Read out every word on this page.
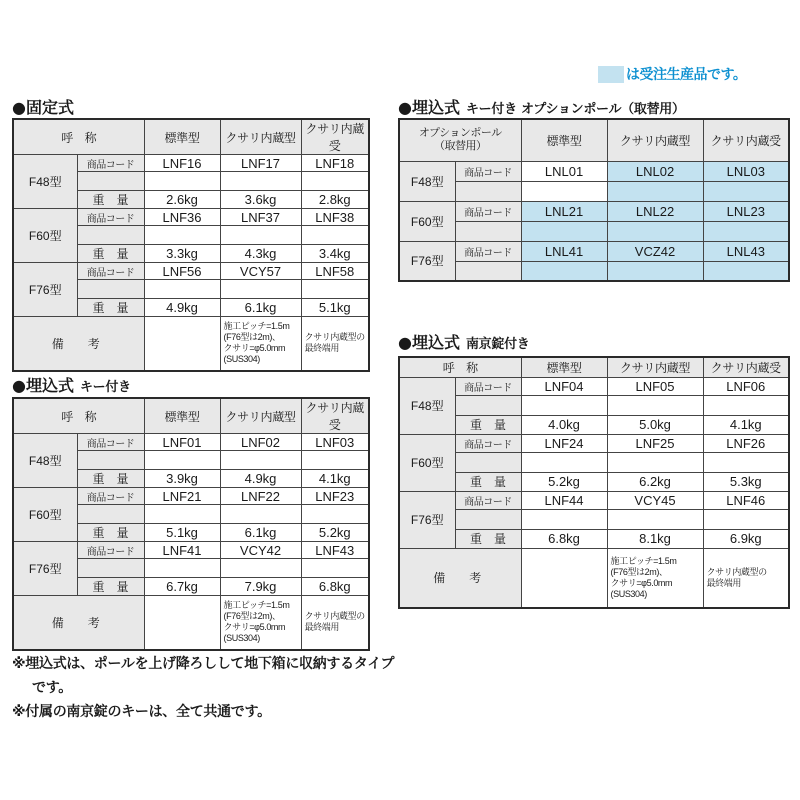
は受注生産品です。
●固定式
呼　称		標準型	クサリ内蔵型	クサリ内蔵受
F48型	商品コード	LNF16	LNF17	LNF18

	重　量	2.6kg	3.6kg	2.8kg
F60型	商品コード	LNF36	LNF37	LNF38

	重　量	3.3kg	4.3kg	3.4kg
F76型	商品コード	LNF56	VCY57	LNF58

	重　量	4.9kg	6.1kg	5.1kg
備　考			施工ピッチ=1.5m
(F76型は2m)、
クサリ=φ5.0mm
(SUS304)	クサリ内蔵型の
最終端用
●埋込式 キー付き
呼　称		標準型	クサリ内蔵型	クサリ内蔵受
F48型	商品コード	LNF01	LNF02	LNF03

	重　量	3.9kg	4.9kg	4.1kg
F60型	商品コード	LNF21	LNF22	LNF23

	重　量	5.1kg	6.1kg	5.2kg
F76型	商品コード	LNF41	VCY42	LNF43

	重　量	6.7kg	7.9kg	6.8kg
備　考			施工ピッチ=1.5m
(F76型は2m)、
クサリ=φ5.0mm
(SUS304)	クサリ内蔵型の
最終端用
●埋込式 キー付き オプションポール（取替用）
オプションポール
（取替用）		標準型	クサリ内蔵型	クサリ内蔵受
F48型	商品コード	LNL01	LNL02	LNL03

F60型	商品コード	LNL21	LNL22	LNL23

F76型	商品コード	LNL41	VCZ42	LNL43

●埋込式 南京錠付き
呼　称		標準型	クサリ内蔵型	クサリ内蔵受
F48型	商品コード	LNF04	LNF05	LNF06

	重　量	4.0kg	5.0kg	4.1kg
F60型	商品コード	LNF24	LNF25	LNF26

	重　量	5.2kg	6.2kg	5.3kg
F76型	商品コード	LNF44	VCY45	LNF46

	重　量	6.8kg	8.1kg	6.9kg
備　考			施工ピッチ=1.5m
(F76型は2m)、
クサリ=φ5.0mm
(SUS304)	クサリ内蔵型の
最終端用
※埋込式は、ポールを上げ降ろしして地下箱に収納するタイプ
です。
※付属の南京錠のキーは、全て共通です。
